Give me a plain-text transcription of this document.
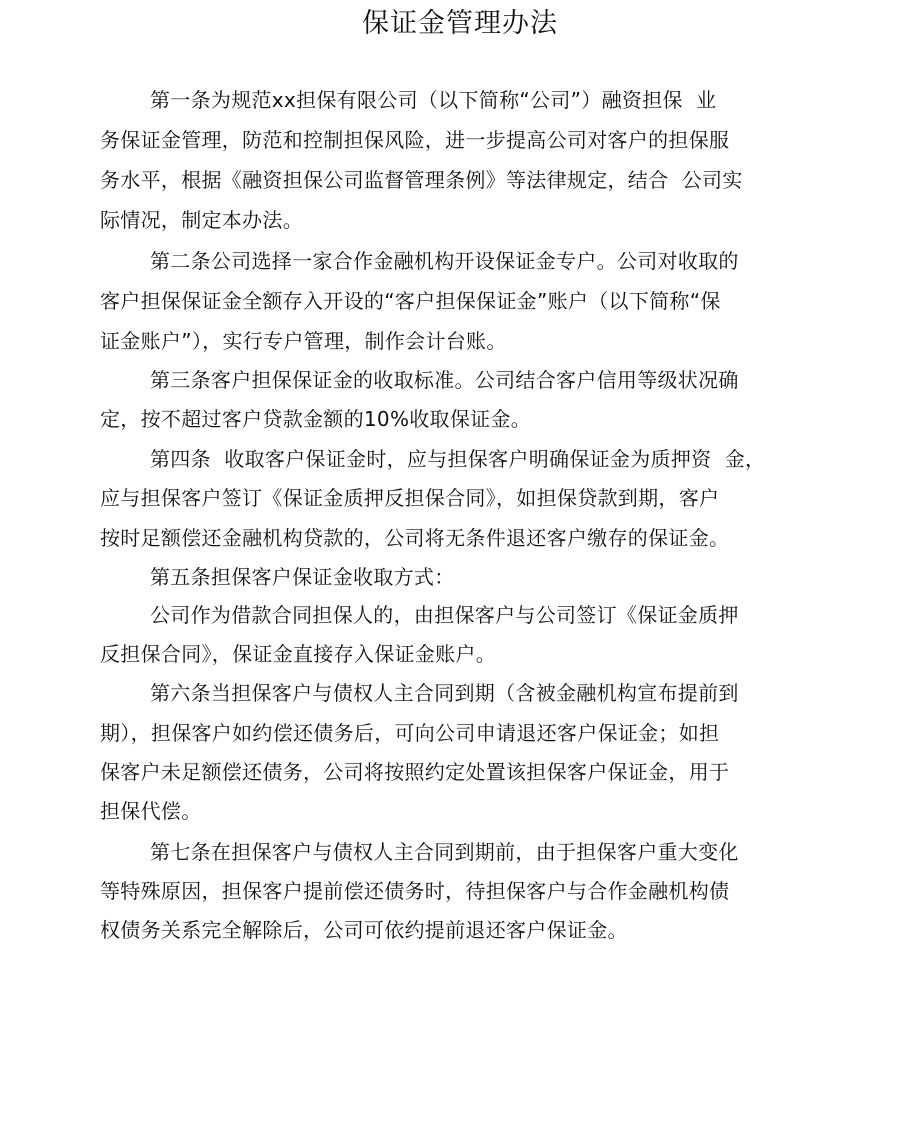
保证金管理办法
第一条为规范xx担保有限公司（以下简称“公司”）融资担保  业
务保证金管理，防范和控制担保风险，进一步提高公司对客户的担保服
务水平，根据《融资担保公司监督管理条例》等法律规定，结合  公司实
际情况，制定本办法。
第二条公司选择一家合作金融机构开设保证金专户。公司对收取的
客户担保保证金全额存入开设的“客户担保保证金”账户（以下简称“保
证金账户”），实行专户管理，制作会计台账。
第三条客户担保保证金的收取标准。公司结合客户信用等级状况确
定，按不超过客户贷款金额的10%收取保证金。
第四条  收取客户保证金时，应与担保客户明确保证金为质押资  金，
应与担保客户签订《保证金质押反担保合同》，如担保贷款到期，客户
按时足额偿还金融机构贷款的，公司将无条件退还客户缴存的保证金。
第五条担保客户保证金收取方式：
公司作为借款合同担保人的，由担保客户与公司签订《保证金质押
反担保合同》，保证金直接存入保证金账户。
第六条当担保客户与债权人主合同到期（含被金融机构宣布提前到
期），担保客户如约偿还债务后，可向公司申请退还客户保证金；如担
保客户未足额偿还债务，公司将按照约定处置该担保客户保证金，用于
担保代偿。
第七条在担保客户与债权人主合同到期前，由于担保客户重大变化
等特殊原因，担保客户提前偿还债务时，待担保客户与合作金融机构债
权债务关系完全解除后，公司可依约提前退还客户保证金。
